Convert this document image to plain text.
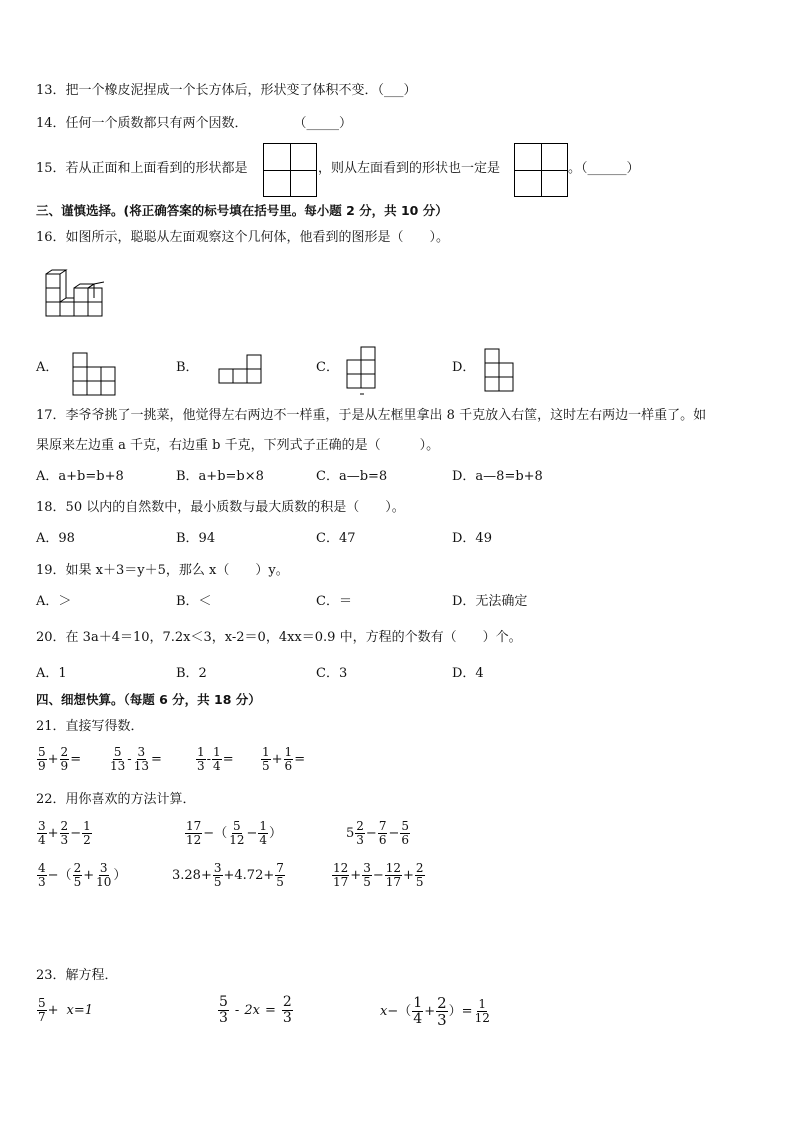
13．把一个橡皮泥捏成一个长方体后，形状变了体积不变．（___）
14．任何一个质数都只有两个因数．	（_____）
15．若从正面和上面看到的形状都是	，则从左面看到的形状也一定是	。（______）
三、谨慎选择。(将正确答案的标号填在括号里。每小题 2 分，共 10 分）
16．如图所示，聪聪从左面观察这个几何体，他看到的图形是（　　）。
A．	B．	C．	D．
17．李爷爷挑了一挑菜，他觉得左右两边不一样重，于是从左框里拿出 8 千克放入右筐，这时左右两边一样重了。如
果原来左边重 a 千克，右边重 b 千克，下列式子正确的是（　　　）。
A．a+b=b+8	B．a+b=b×8	C．a—b=8	D．a—8=b+8
18．50 以内的自然数中，最小质数与最大质数的积是（　　）。
A．98	B．94	C．47	D．49
19．如果 x＋3＝y＋5，那么 x（　　）y。
A．＞	B．＜	C．＝	D．无法确定
20．在 3a＋4＝10，7.2x＜3，x-2＝0，4xx＝0.9 中，方程的个数有（　　）个。
A．1	B．2	C．3	D．4
四、细想快算。（每题 6 分，共 18 分）
21．直接写得数．
$\frac{5}{9} + \frac{2}{9} = \frac{5}{13} - \frac{3}{13}$ =	$\frac{1}{3} - \frac{1}{4} = \frac{1}{5} + \frac{1}{6}$ =
22．用你喜欢的方法计算．
$\frac{3}{4} + \frac{2}{3} - \frac{1}{2}$	$\frac{17}{12}$ − （ $\frac{5}{12} - \frac{1}{4}$ ）	$5 \frac{2}{3} - \frac{7}{6} - \frac{5}{6}$
$\frac{4}{3}$ − （ $\frac{2}{5} + \frac{3}{10}$ ）	$3.28 + \frac{3}{5} + 4.72 + \frac{7}{5}$	$\frac{12}{17} + \frac{3}{5} - \frac{12}{17} + \frac{2}{5}$
23．解方程．
$\frac{5}{7} + x=1$	$\frac{5}{3} - 2x = \frac{2}{3}$	x − （ $\frac{1}{4} + \frac{2}{3}$ ） = $\frac{1}{12}$
